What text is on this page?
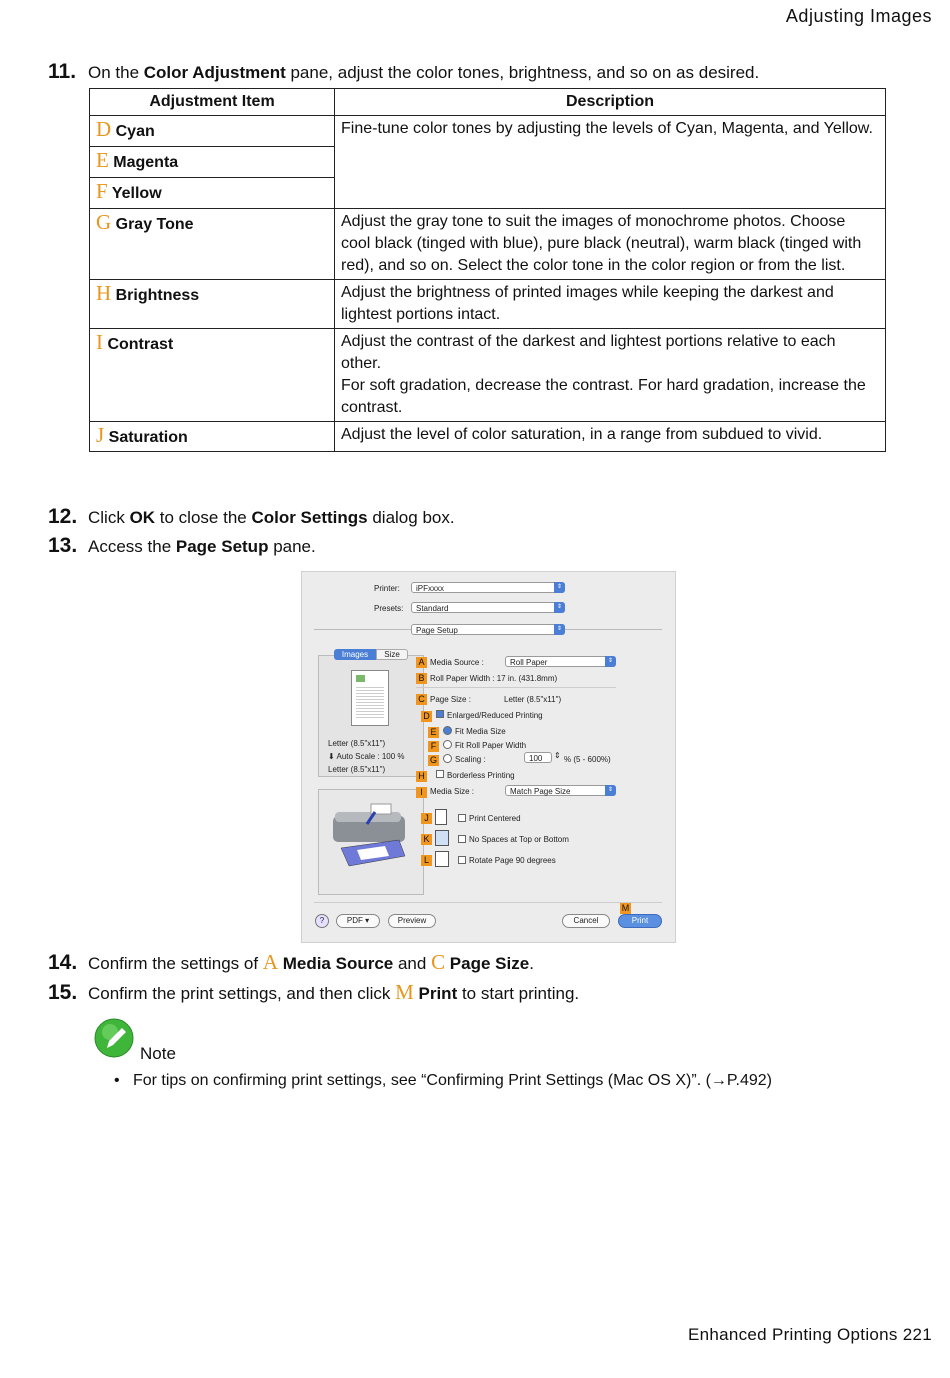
Adjusting Images
11. On the Color Adjustment pane, adjust the color tones, brightness, and so on as desired.
Adjustment Item	Description
D Cyan	Fine-tune color tones by adjusting the levels of Cyan, Magenta, and Yellow.
E Magenta	
F Yellow	
G Gray Tone	Adjust the gray tone to suit the images of monochrome photos. Choose cool black (tinged with blue), pure black (neutral), warm black (tinged with red), and so on. Select the color tone in the color region or from the list.
H Brightness	Adjust the brightness of printed images while keeping the darkest and lightest portions intact.
I Contrast	Adjust the contrast of the darkest and lightest portions relative to each other.
For soft gradation, decrease the contrast. For hard gradation, increase the contrast.

J Saturation	Adjust the level of color saturation, in a range from subdued to vivid.
12. Click OK to close the Color Settings dialog box.
13. Access the Page Setup pane.
Printer:	iPFxxxx	⇕
Presets:	Standard	⇕
Page Setup	⇕
Images	Size
Letter (8.5"x11")
⬇ Auto Scale : 100 %
Letter (8.5"x11")
A Media Source :	Roll Paper	⇕
B Roll Paper Width : 17 in. (431.8mm)
C Page Size :	Letter (8.5"x11")
D Enlarged/Reduced Printing
E	Fit Media Size
F	Fit Roll Paper Width
G Scaling :	100	⇕ % (5 - 600%)
H	Borderless Printing
I Media Size :	Match Page Size	⇕
J	Print Centered
K	No Spaces at Top or Bottom
L	Rotate Page 90 degrees
?	PDF ▾	Preview	Cancel
M
Print
14. Confirm the settings of A Media Source and C Page Size.
15. Confirm the print settings, and then click M Print to start printing.
Note
•   For tips on confirming print settings, see “Confirming Print Settings (Mac OS X)”. (→P.492)
Enhanced Printing Options 221
